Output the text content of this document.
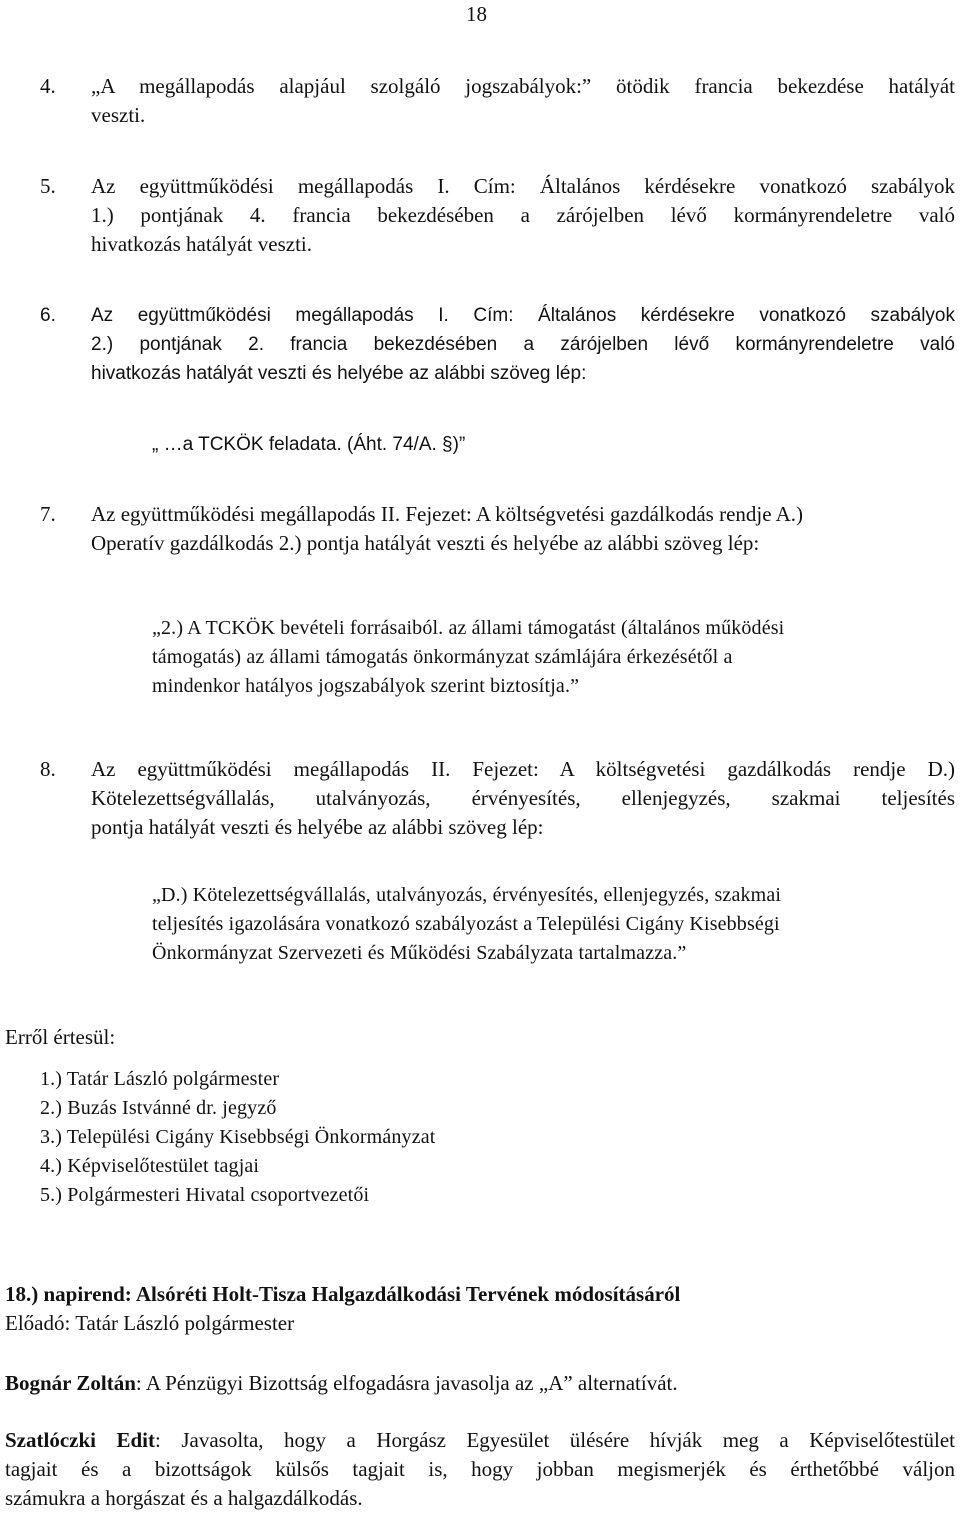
18
4. „A megállapodás alapjául szolgáló jogszabályok:” ötödik francia bekezdése hatályát
veszti.
5. Az együttműködési megállapodás I. Cím: Általános kérdésekre vonatkozó szabályok
1.) pontjának 4. francia bekezdésében a zárójelben lévő kormányrendeletre való
hivatkozás hatályát veszti.
6. Az együttműködési megállapodás I. Cím: Általános kérdésekre vonatkozó szabályok
2.) pontjának 2. francia bekezdésében a zárójelben lévő kormányrendeletre való
hivatkozás hatályát veszti és helyébe az alábbi szöveg lép:
„ …a TCKÖK feladata. (Áht. 74/A. §)”
7. Az együttműködési megállapodás II. Fejezet: A költségvetési gazdálkodás rendje A.)
Operatív gazdálkodás 2.) pontja hatályát veszti és helyébe az alábbi szöveg lép:
„2.) A TCKÖK bevételi forrásaiból. az állami támogatást (általános működési
támogatás) az állami támogatás önkormányzat számlájára érkezésétől a
mindenkor hatályos jogszabályok szerint biztosítja.”
8. Az együttműködési megállapodás II. Fejezet: A költségvetési gazdálkodás rendje D.)
Kötelezettségvállalás, utalványozás, érvényesítés, ellenjegyzés, szakmai teljesítés
pontja hatályát veszti és helyébe az alábbi szöveg lép:
„D.) Kötelezettségvállalás, utalványozás, érvényesítés, ellenjegyzés, szakmai
teljesítés igazolására vonatkozó szabályozást a Települési Cigány Kisebbségi
Önkormányzat Szervezeti és Működési Szabályzata tartalmazza.”
Erről értesül:
1.) Tatár László polgármester
2.) Buzás Istvánné dr. jegyző
3.) Települési Cigány Kisebbségi Önkormányzat
4.) Képviselőtestület tagjai
5.) Polgármesteri Hivatal csoportvezetői
18.) napirend: Alsóréti Holt-Tisza Halgazdálkodási Tervének módosításáról
Előadó: Tatár László polgármester
Bognár Zoltán: A Pénzügyi Bizottság elfogadásra javasolja az „A” alternatívát.
Szatlóczki Edit: Javasolta, hogy a Horgász Egyesület ülésére hívják meg a Képviselőtestület
tagjait és a bizottságok külsős tagjait is, hogy jobban megismerjék és érthetőbbé váljon
számukra a horgászat és a halgazdálkodás.
